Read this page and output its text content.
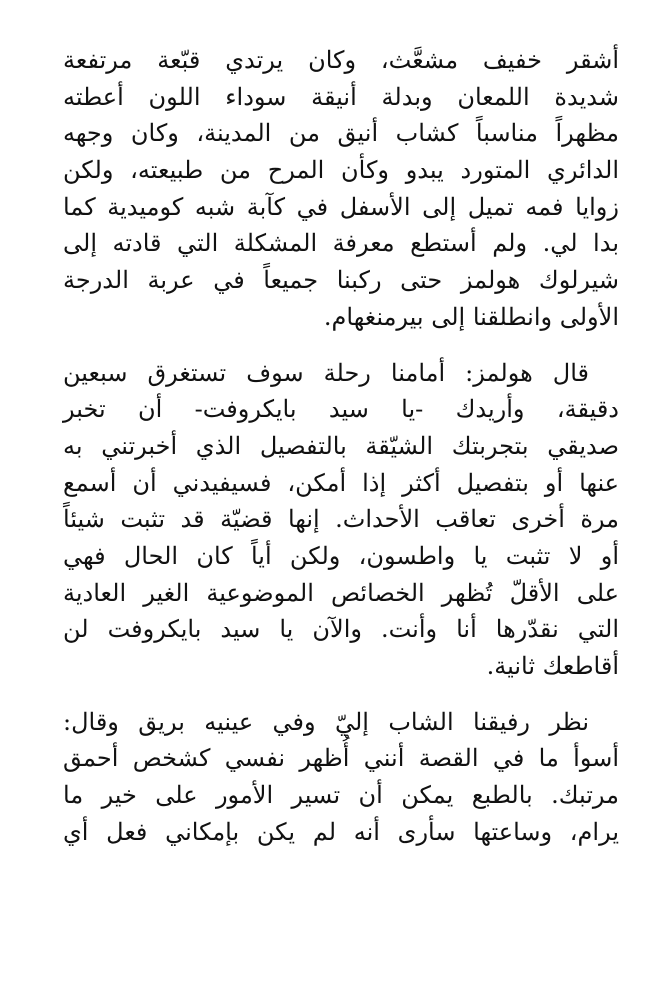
أشقر خفيف مشعَّث، وكان يرتدي قبّعة مرتفعة
شديدة اللمعان وبدلة أنيقة سوداء اللون أعطته
مظهراً مناسباً كشاب أنيق من المدينة، وكان وجهه
الدائري المتورد يبدو وكأن المرح من طبيعته، ولكن
زوايا فمه تميل إلى الأسفل في كآبة شبه كوميدية كما
بدا لي. ولم أستطع معرفة المشكلة التي قادته إلى
شيرلوك هولمز حتى ركبنا جميعاً في عربة الدرجة
الأولى وانطلقنا إلى بيرمنغهام.
قال هولمز: أمامنا رحلة سوف تستغرق سبعين
دقيقة، وأريدك -يا سيد بايكروفت- أن تخبر
صديقي بتجربتك الشيّقة بالتفصيل الذي أخبرتني به
عنها أو بتفصيل أكثر إذا أمكن، فسيفيدني أن أسمع
مرة أخرى تعاقب الأحداث. إنها قضيّة قد تثبت شيئاً
أو لا تثبت يا واطسون، ولكن أياً كان الحال فهي
على الأقلّ تُظهر الخصائص الموضوعية الغير العادية
التي نقدّرها أنا وأنت. والآن يا سيد بايكروفت لن
أقاطعك ثانية.
نظر رفيقنا الشاب إليّ وفي عينيه بريق وقال:
أسوأ ما في القصة أنني أُظهر نفسي كشخص أحمق
مرتبك. بالطبع يمكن أن تسير الأمور على خير ما
يرام، وساعتها سأرى أنه لم يكن بإمكاني فعل أي
